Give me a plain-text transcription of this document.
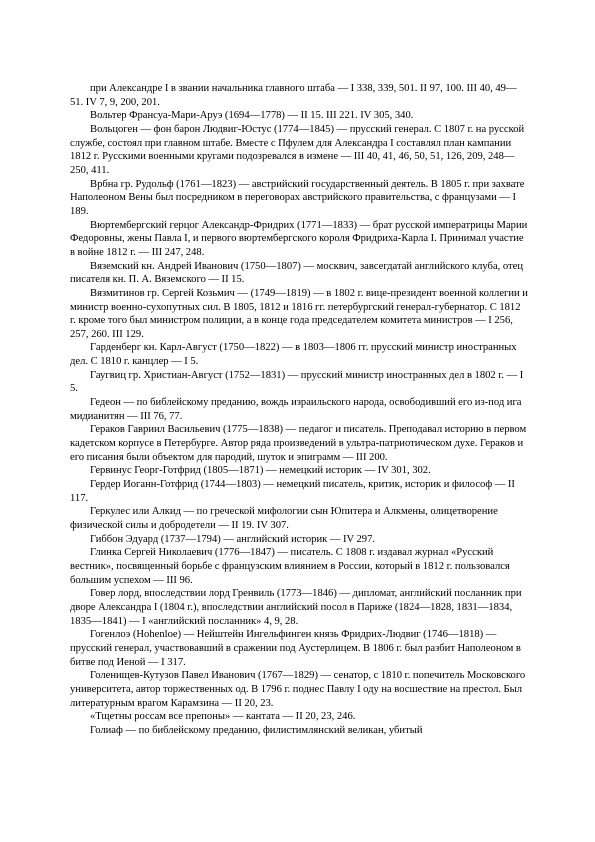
при Александре I в звании начальника главного штаба — I 338, 339, 501. II 97, 100. III 40, 49—51. IV 7, 9, 200, 201.

Вольтер Франсуа-Мари-Аруэ (1694—1778) — II 15. III 221. IV 305, 340.

Вольцоген — фон барон Людвиг-Юстус (1774—1845) — прусский генерал. С 1807 г. на русской службе, состоял при главном штабе. Вместе с Пфулем для Александра I составлял план кампании 1812 г. Русскими военными кругами подозревался в измене — III 40, 41, 46, 50, 51, 126, 209, 248—250, 411.

Врбна гр. Рудольф (1761—1823) — австрийский государственный деятель. В 1805 г. при захвате Наполеоном Вены был посредником в переговорах австрийского правительства, с французами — I 189.

Вюртембергский герцог Александр-Фридрих (1771—1833) — брат русской императрицы Марии Федоровны, жены Павла I, и первого вюртембергского короля Фридриха-Карла I. Принимал участие в войне 1812 г. — III 247, 248.

Вяземский кн. Андрей Иванович (1750—1807) — москвич, завсегдатай английского клуба, отец писателя кн. П. А. Вяземского — II 15.

Вязмитинов гр. Сергей Козьмич — (1749—1819) — в 1802 г. вице-президент военной коллегии и министр военно-сухопутных сил. В 1805, 1812 и 1816 гг. петербургский генерал-губернатор. С 1812 г. кроме того был министром полиции, а в конце года председателем комитета министров — I 256, 257, 260. III 129.

Гарденберг кн. Карл-Август (1750—1822) — в 1803—1806 гг. прусский министр иностранных дел. С 1810 г. канцлер — I 5.

Гаугвиц гр. Христиан-Август (1752—1831) — прусский министр иностранных дел в 1802 г. — I 5.

Гедеон — по библейскому преданию, вождь израильского народа, освободивший его из-под ига мидианитян — III 76, 77.

Гераков Гавриил Васильевич (1775—1838) — педагог и писатель. Преподавал историю в первом кадетском корпусе в Петербурге. Автор ряда произведений в ультра-патриотическом духе. Гераков и его писания были объектом для пародий, шуток и эпиграмм — III 200.

Гервинус Георг-Готфрид (1805—1871) — немецкий историк — IV 301, 302.

Гердер Иоганн-Готфрид (1744—1803) — немецкий писатель, критик, историк и философ — II 117.

Геркулес или Алкид — по греческой мифологии сын Юпитера и Алкмены, олицетворение физической силы и добродетели — II 19. IV 307.

Гиббон Эдуард (1737—1794) — английский историк — IV 297.

Глинка Сергей Николаевич (1776—1847) — писатель. С 1808 г. издавал журнал «Русский вестник», посвященный борьбе с французским влиянием в России, который в 1812 г. пользовался большим успехом — III 96.

Говер лорд, впоследствии лорд Гренвиль (1773—1846) — дипломат, английский посланник при дворе Александра I (1804 г.), впоследствии английский посол в Париже (1824—1828, 1831—1834, 1835—1841) — I «английский посланник» 4, 9, 28.

Гогенлоэ (Hohenloe) — Нейштейн Ингельфинген князь Фридрих-Людвиг (1746—1818) — прусский генерал, участвовавший в сражении под Аустерлицем. В 1806 г. был разбит Наполеоном в битве под Иеной — I 317.

Голенищев-Кутузов Павел Иванович (1767—1829) — сенатор, с 1810 г. попечитель Московского университета, автор торжественных од. В 1796 г. поднес Павлу I оду на восшествие на престол. Был литературным врагом Карамзина — II 20, 23.

«Тщетны россам все препоны» — кантата — II 20, 23, 246.

Голиаф — по библейскому преданию, филистимлянский великан, убитый
